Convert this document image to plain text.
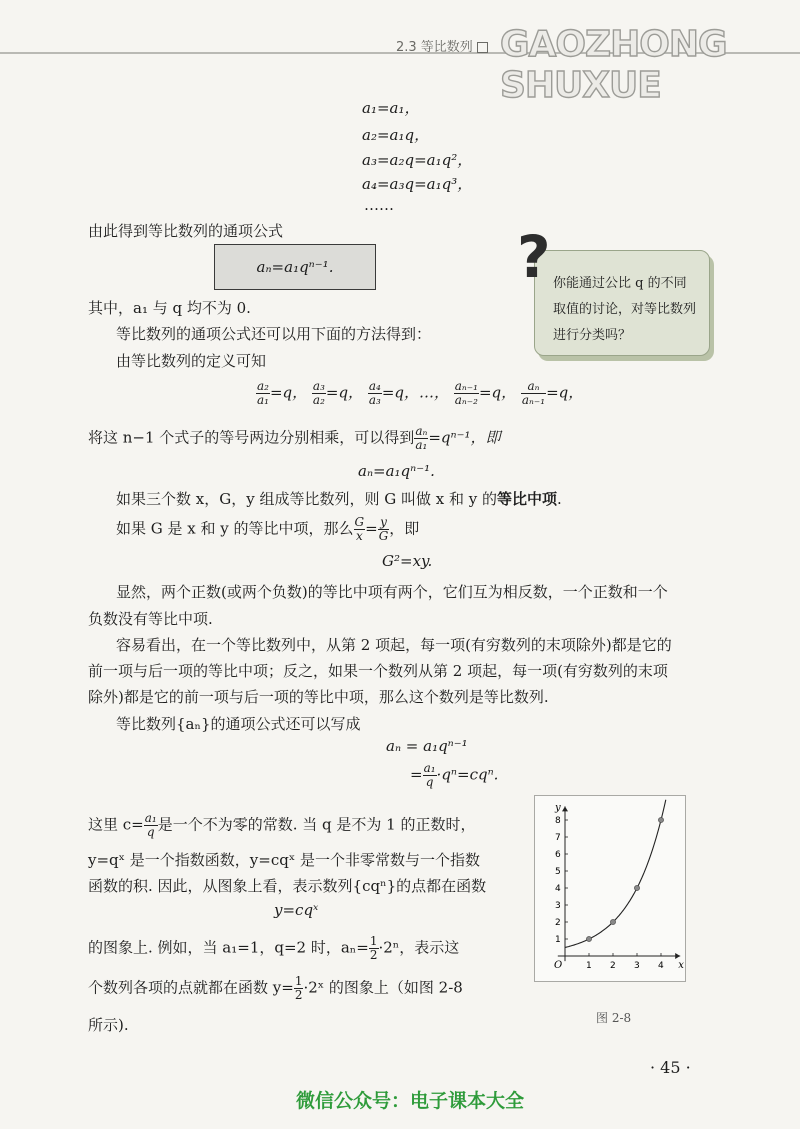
2.3 等比数列 GAOZHONG SHUXUE
a₁=a₁，
a₂=a₁q，
a₃=a₂q=a₁q²，
a₄=a₃q=a₁q³，
……
由此得到等比数列的通项公式
aₙ=a₁qⁿ⁻¹.	? 你能通过公比 q 的不同取值的讨论，对等比数列进行分类吗？
其中，a₁ 与 q 均不为 0.
等比数列的通项公式还可以用下面的方法得到：
由等比数列的定义可知
$\frac{\text{a₂}}{\text{a₁}} =q$， $\frac{\text{a₃}}{\text{a₂}} =q$， $\frac{\text{a₄}}{\text{a₃}} =q$，…， $\frac{\text{aₙ₋₁}}{\text{aₙ₋₂}} =q$， $\frac{\text{aₙ}}{\text{aₙ₋₁}} =q$，
将这 n−1 个式子的等号两边分别相乘，可以得到 $\frac{\text{aₙ}}{\text{a₁}} =q^{n-1}$，即
aₙ=a₁qⁿ⁻¹.
如果三个数 x，G，y 组成等比数列，则 G 叫做 x 和 y 的等比中项.
如果 G 是 x 和 y 的等比中项，那么 $\frac{G}{x} = \frac{y}{G}$ ，即
G²=xy.
显然，两个正数(或两个负数)的等比中项有两个，它们互为相反数，一个正数和一个
负数没有等比中项.
容易看出，在一个等比数列中，从第 2 项起，每一项(有穷数列的末项除外)都是它的
前一项与后一项的等比中项；反之，如果一个数列从第 2 项起，每一项(有穷数列的末项
除外)都是它的前一项与后一项的等比中项，那么这个数列是等比数列.
等比数列{aₙ}的通项公式还可以写成
aₙ = a₁qⁿ⁻¹
= $\frac{\text{a₁}}{q} \cdot q^n=cq^n$.
这里 $c= \frac{\text{a₁}}{q}$ 是一个不为零的常数. 当 q 是不为 1 的正数时，
y=qˣ 是一个指数函数，y=cqˣ 是一个非零常数与一个指数
函数的积. 因此，从图象上看，表示数列{cqⁿ}的点都在函数
y=cqˣ
的图象上. 例如，当 a₁=1，q=2 时，$a_n= \frac{1}{2} \cdot 2^n$，表示这
个数列各项的点就都在函数 $y= \frac{1}{2}$ ·2ˣ 的图象上（如图 2-8
所示).
x
y
O	1 2 3 4
1
2
3
4
5
6
7
8
图 2-8
· 45 ·
微信公众号：电子课本大全
